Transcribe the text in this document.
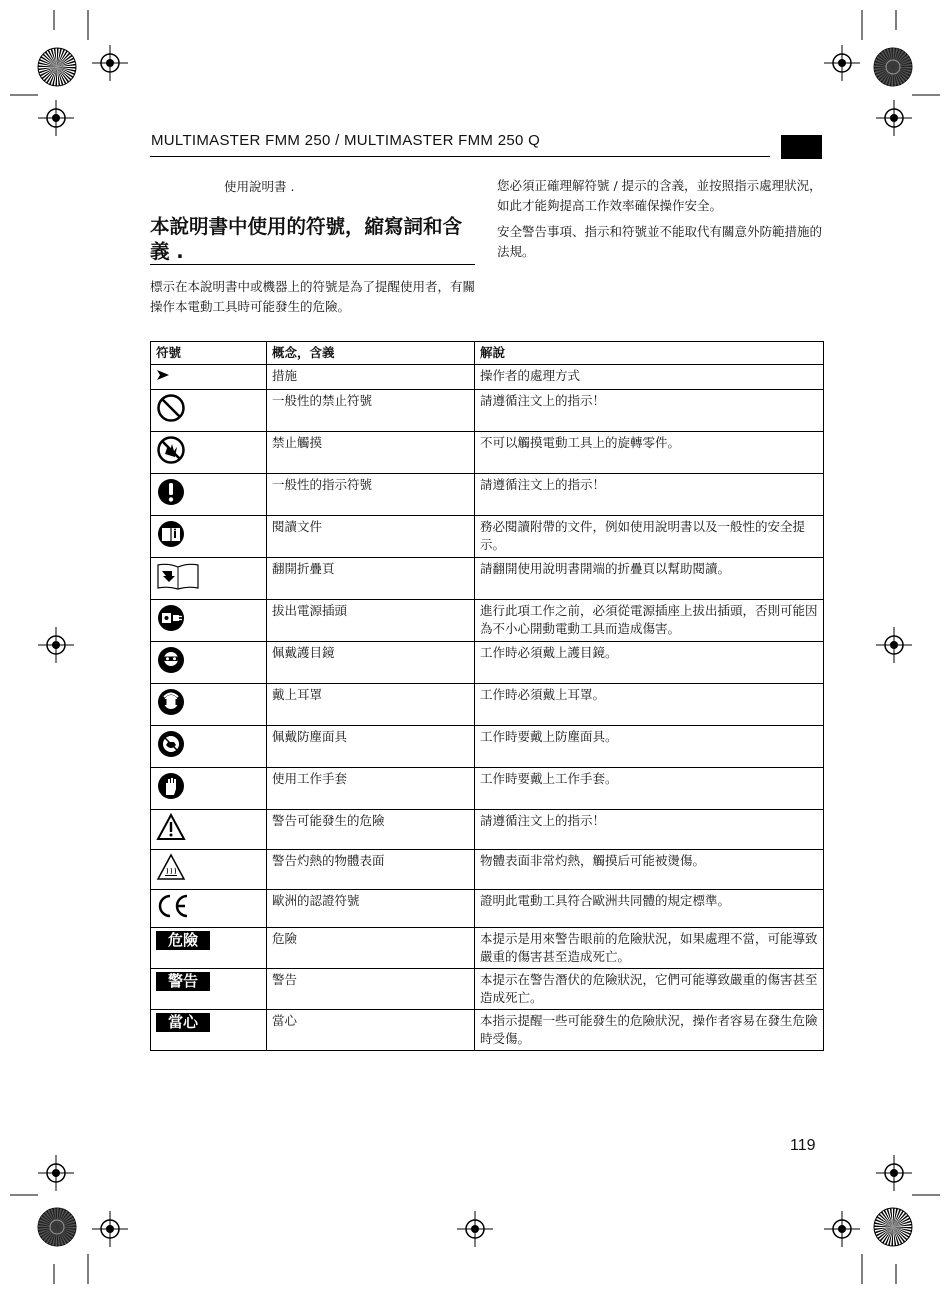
MULTIMASTER FMM 250 / MULTIMASTER FMM 250 Q
使用說明書 .
本說明書中使用的符號，縮寫詞和含義 .
標示在本說明書中或機器上的符號是為了提醒使用者，有關操作本電動工具時可能發生的危險。

您必須正確理解符號 / 提示的含義，並按照指示處理狀況，如此才能夠提高工作效率確保操作安全。

安全警告事項、指示和符號並不能取代有關意外防範措施的法規。

符號	概念，含義	解說
	措施	操作者的處理方式
	一般性的禁止符號	請遵循注文上的指示！
	禁止觸摸	不可以觸摸電動工具上的旋轉零件。
	一般性的指示符號	請遵循注文上的指示！
	閱讀文件	務必閱讀附帶的文件，例如使用說明書以及一般性的安全提示。
	翻開折疊頁	請翻開使用說明書開端的折疊頁以幫助閱讀。
	拔出電源插頭	進行此項工作之前，必須從電源插座上拔出插頭，否則可能因為不小心開動電動工具而造成傷害。
	佩戴護目鏡	工作時必須戴上護目鏡。
	戴上耳罩	工作時必須戴上耳罩。
	佩戴防塵面具	工作時要戴上防塵面具。
	使用工作手套	工作時要戴上工作手套。
	警告可能發生的危險	請遵循注文上的指示！
	警告灼熱的物體表面	物體表面非常灼熱，觸摸后可能被燙傷。
	歐洲的認證符號	證明此電動工具符合歐洲共同體的規定標準。
危險	危險	本提示是用來警告眼前的危險狀況，如果處理不當，可能導致嚴重的傷害甚至造成死亡。
警告	警告	本提示在警告潛伏的危險狀況，它們可能導致嚴重的傷害甚至造成死亡。
當心	當心	本指示提醒一些可能發生的危險狀況，操作者容易在發生危險時受傷。
119
